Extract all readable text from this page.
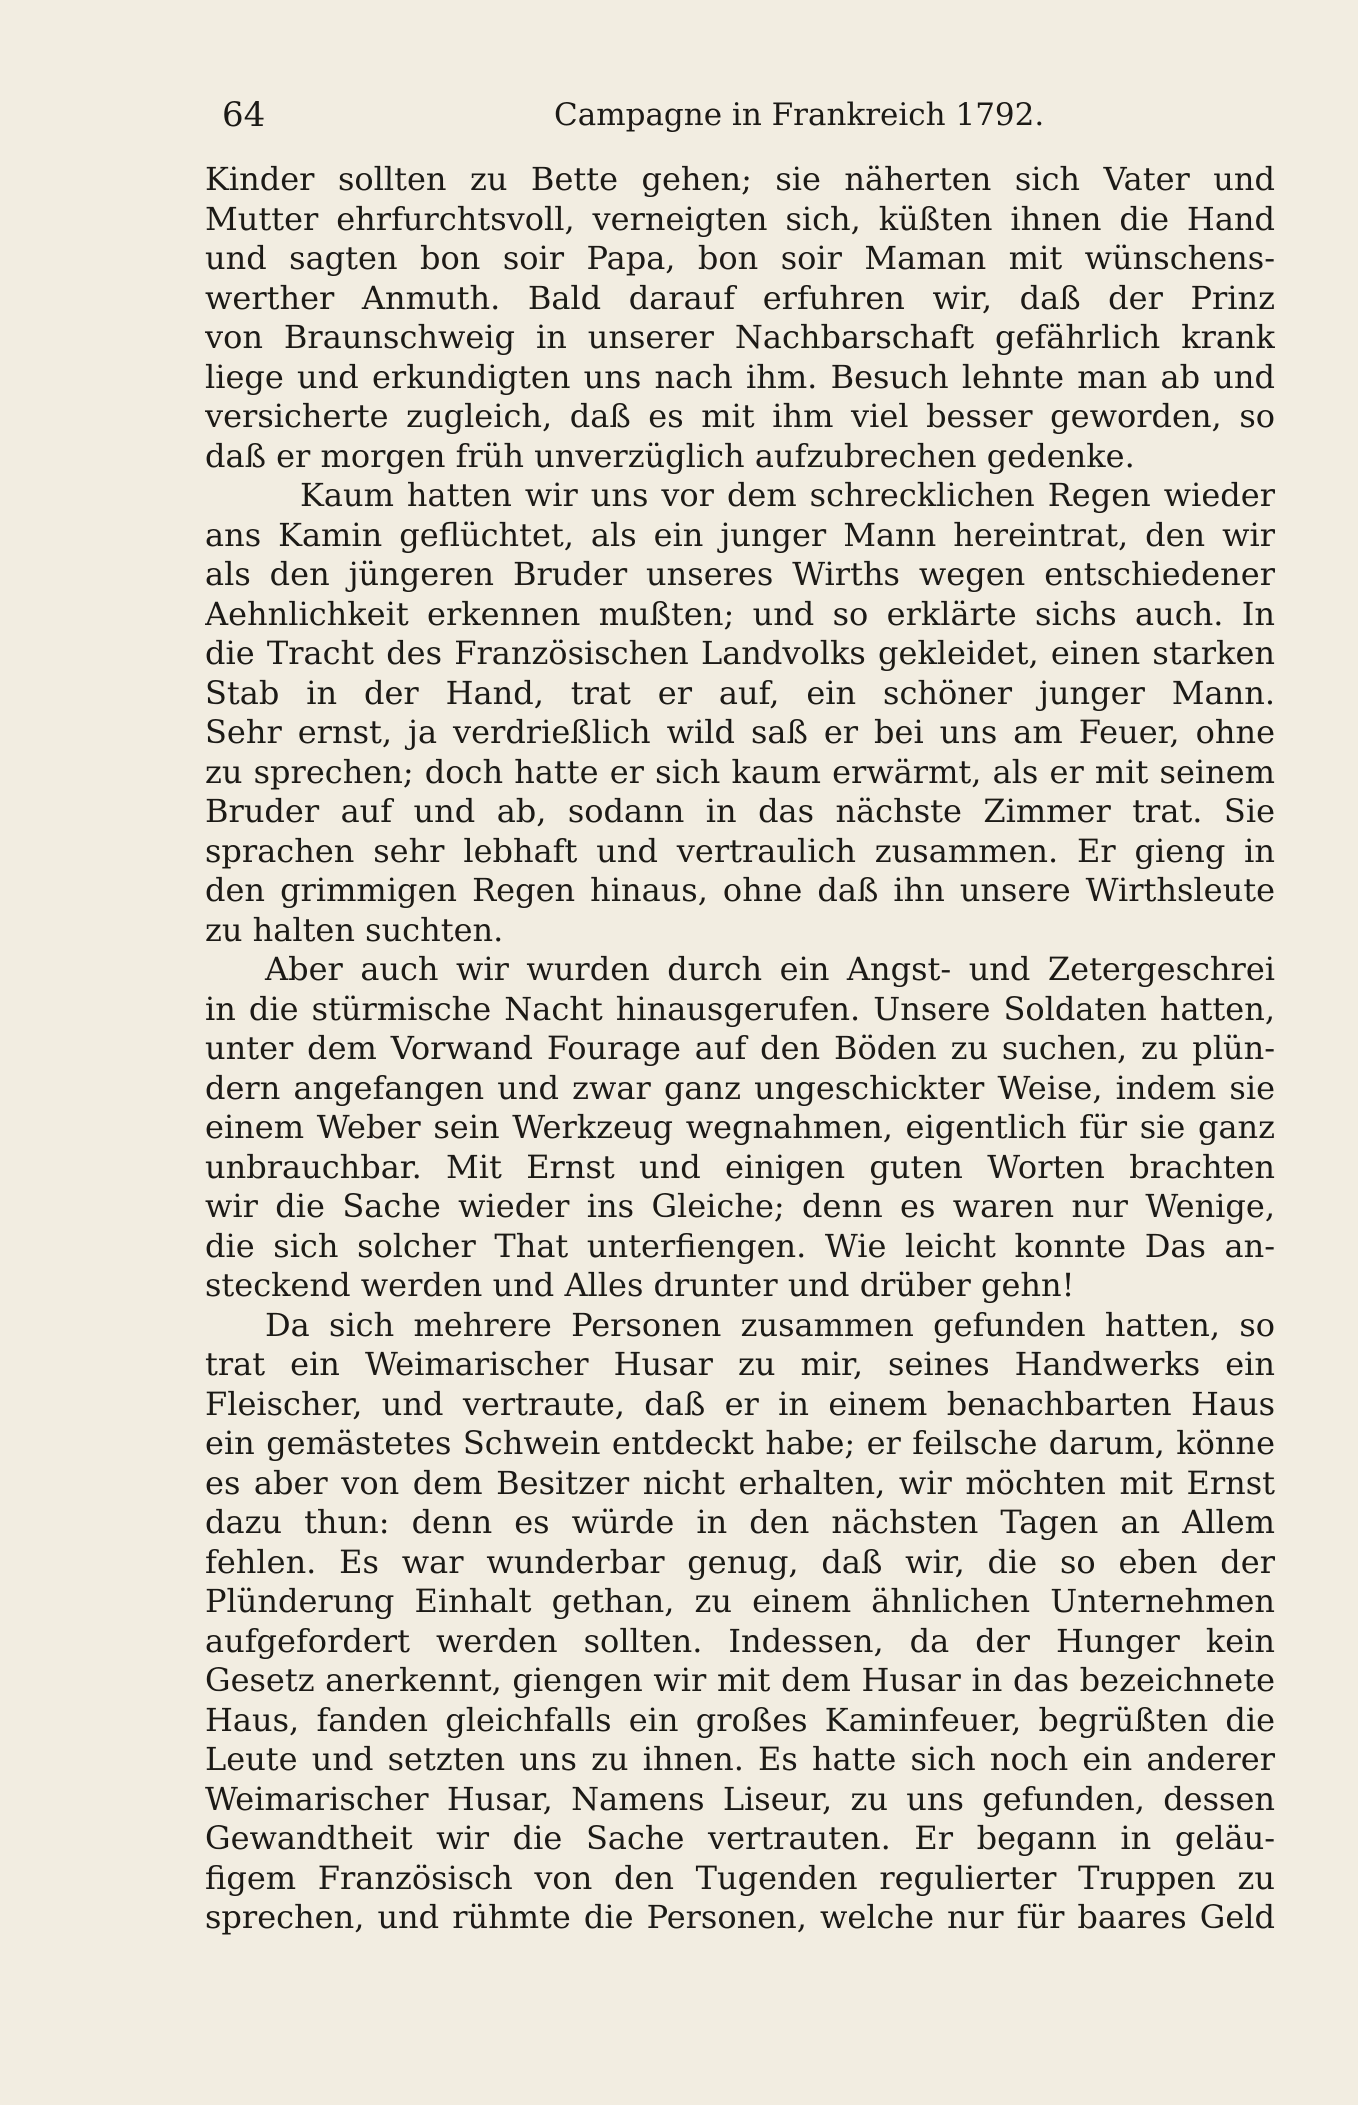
64	Campagne in Frankreich 1792.
Kinder sollten zu Bette gehen; sie näherten sich Vater und
Mutter ehrfurchtsvoll, verneigten sich, küßten ihnen die Hand
und sagten bon soir Papa, bon soir Maman mit wünschens-
werther Anmuth. Bald darauf erfuhren wir, daß der Prinz
von Braunschweig in unserer Nachbarschaft gefährlich krank
liege und erkundigten uns nach ihm. Besuch lehnte man ab und
versicherte zugleich, daß es mit ihm viel besser geworden, so
daß er morgen früh unverzüglich aufzubrechen gedenke.
Kaum hatten wir uns vor dem schrecklichen Regen wieder
ans Kamin geflüchtet, als ein junger Mann hereintrat, den wir
als den jüngeren Bruder unseres Wirths wegen entschiedener
Aehnlichkeit erkennen mußten; und so erklärte sichs auch. In
die Tracht des Französischen Landvolks gekleidet, einen starken
Stab in der Hand, trat er auf, ein schöner junger Mann.
Sehr ernst, ja verdrießlich wild saß er bei uns am Feuer, ohne
zu sprechen; doch hatte er sich kaum erwärmt, als er mit seinem
Bruder auf und ab, sodann in das nächste Zimmer trat. Sie
sprachen sehr lebhaft und vertraulich zusammen. Er gieng in
den grimmigen Regen hinaus, ohne daß ihn unsere Wirthsleute
zu halten suchten.
Aber auch wir wurden durch ein Angst- und Zetergeschrei
in die stürmische Nacht hinausgerufen. Unsere Soldaten hatten,
unter dem Vorwand Fourage auf den Böden zu suchen, zu plün-
dern angefangen und zwar ganz ungeschickter Weise, indem sie
einem Weber sein Werkzeug wegnahmen, eigentlich für sie ganz
unbrauchbar. Mit Ernst und einigen guten Worten brachten
wir die Sache wieder ins Gleiche; denn es waren nur Wenige,
die sich solcher That unterfiengen. Wie leicht konnte Das an-
steckend werden und Alles drunter und drüber gehn!
Da sich mehrere Personen zusammen gefunden hatten, so
trat ein Weimarischer Husar zu mir, seines Handwerks ein
Fleischer, und vertraute, daß er in einem benachbarten Haus
ein gemästetes Schwein entdeckt habe; er feilsche darum, könne
es aber von dem Besitzer nicht erhalten, wir möchten mit Ernst
dazu thun: denn es würde in den nächsten Tagen an Allem
fehlen. Es war wunderbar genug, daß wir, die so eben der
Plünderung Einhalt gethan, zu einem ähnlichen Unternehmen
aufgefordert werden sollten. Indessen, da der Hunger kein
Gesetz anerkennt, giengen wir mit dem Husar in das bezeichnete
Haus, fanden gleichfalls ein großes Kaminfeuer, begrüßten die
Leute und setzten uns zu ihnen. Es hatte sich noch ein anderer
Weimarischer Husar, Namens Liseur, zu uns gefunden, dessen
Gewandtheit wir die Sache vertrauten. Er begann in geläu-
figem Französisch von den Tugenden regulierter Truppen zu
sprechen, und rühmte die Personen, welche nur für baares Geld
